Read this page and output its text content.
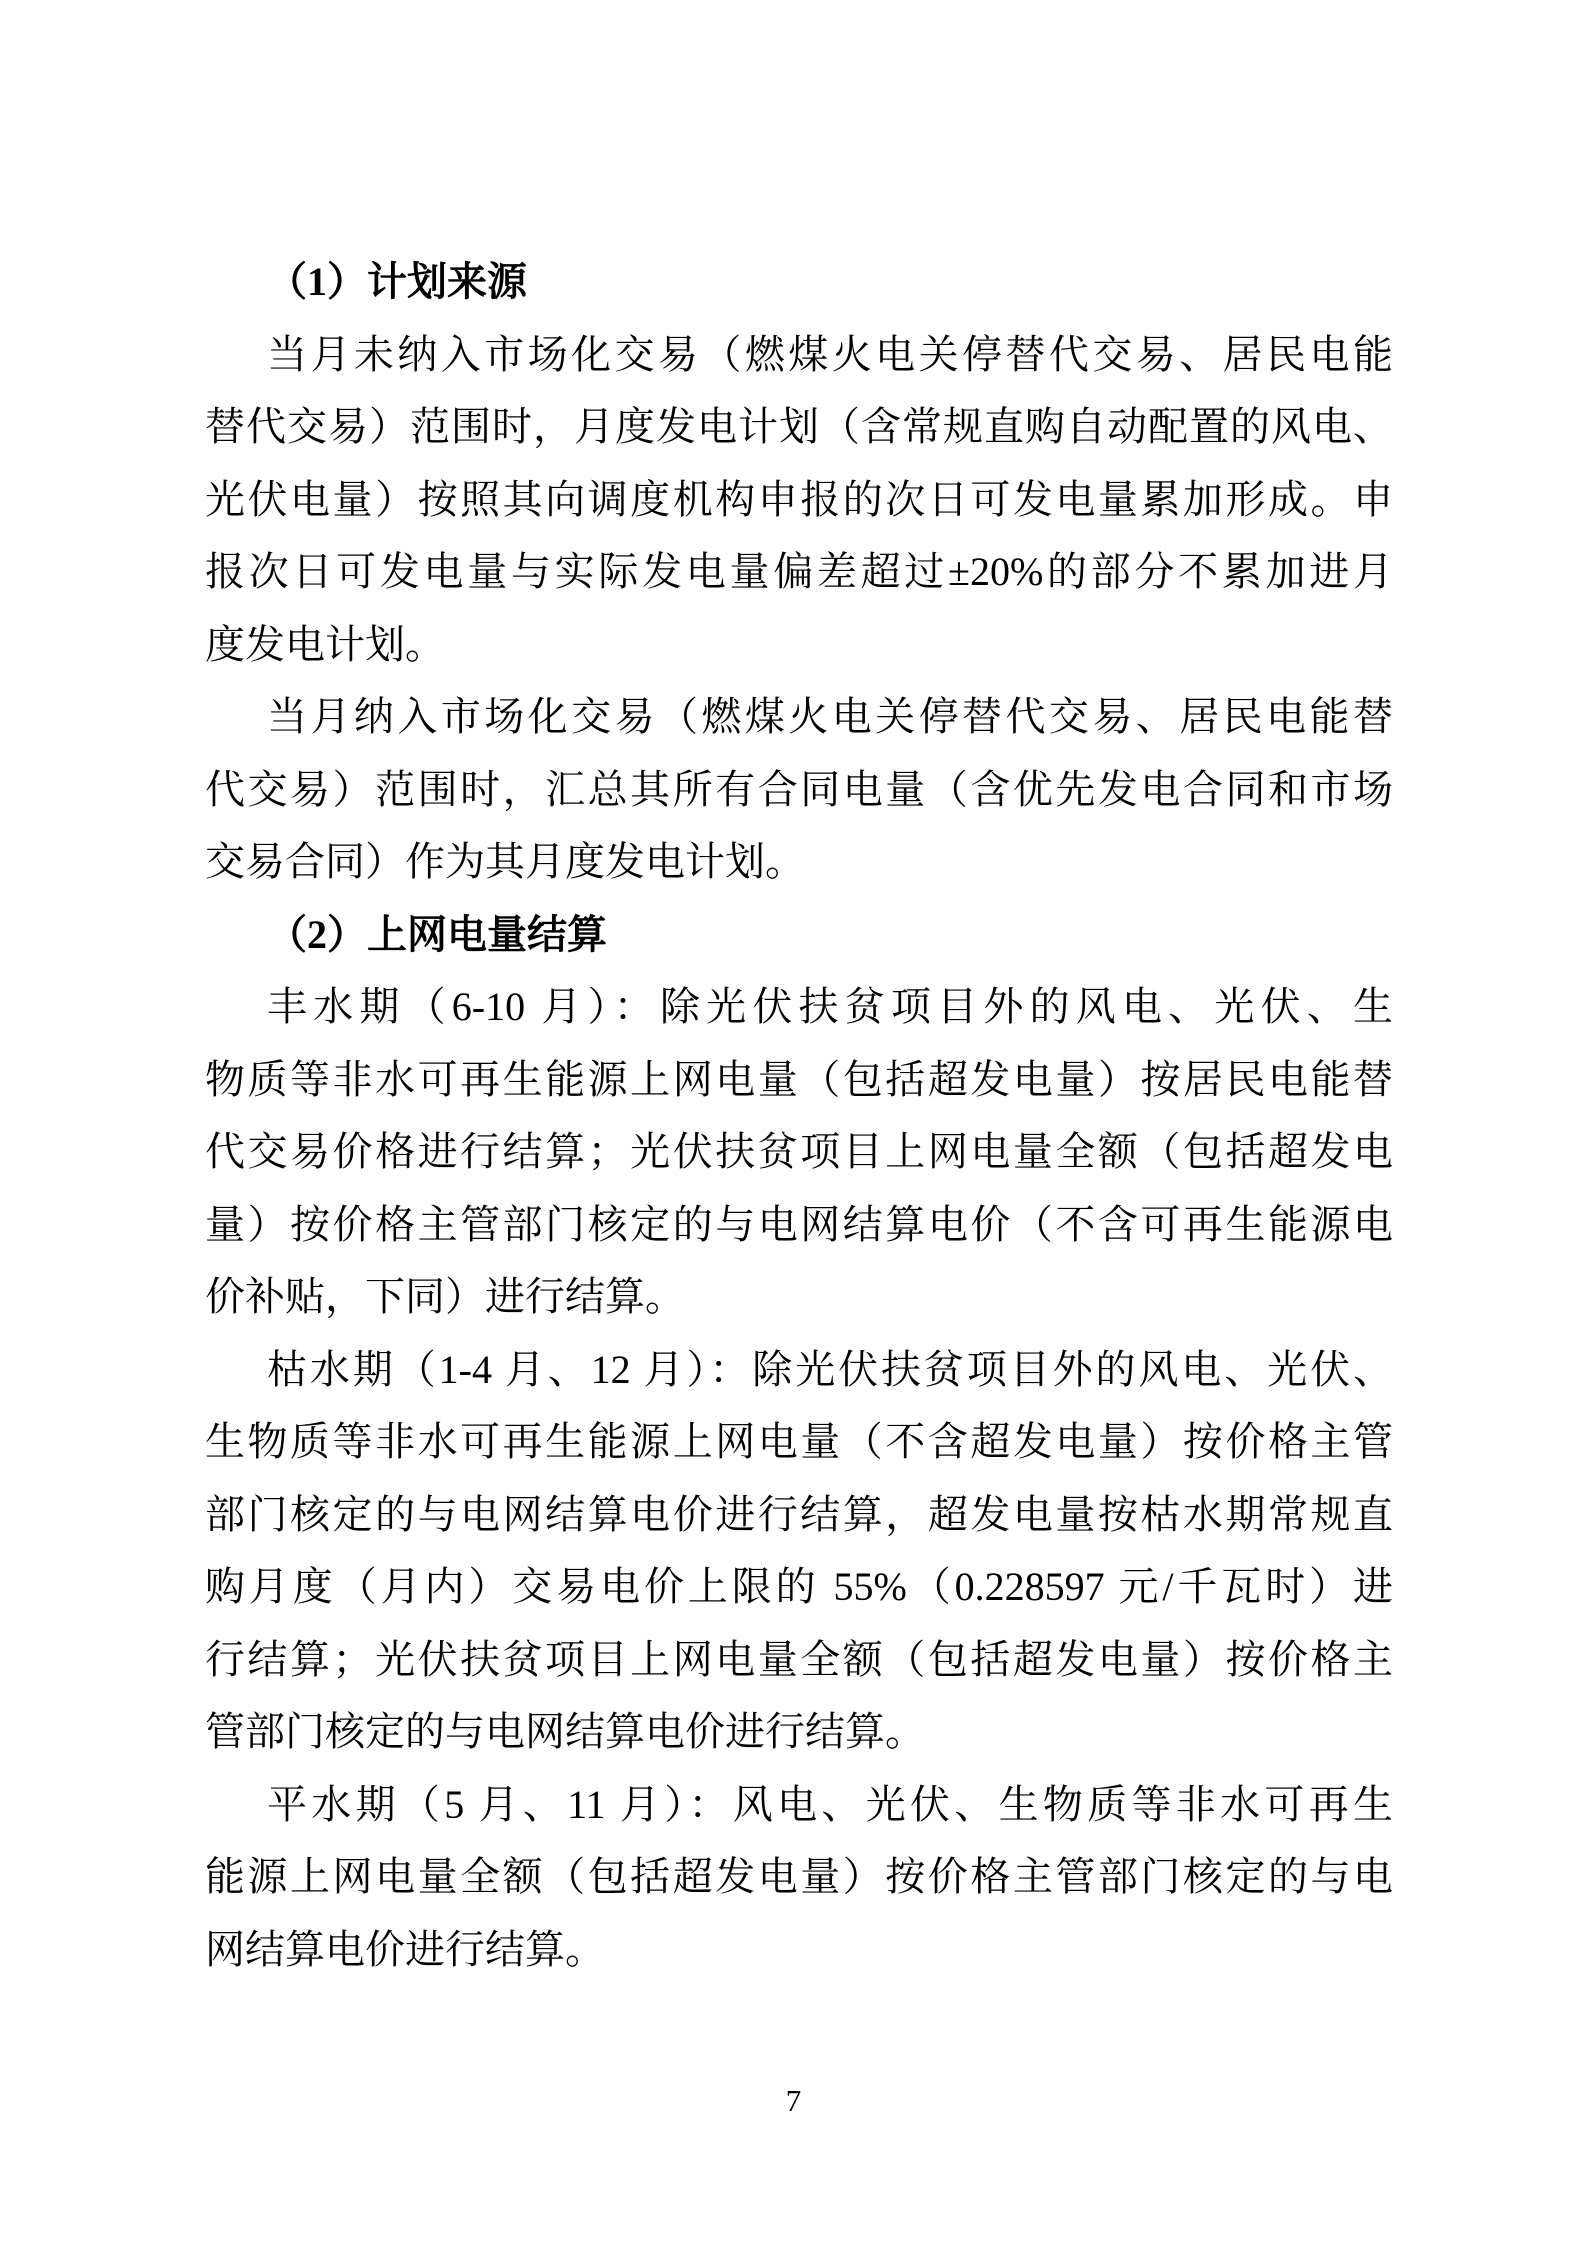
（1）计划来源
当月未纳入市场化交易（燃煤火电关停替代交易、居民电能
替代交易）范围时，月度发电计划（含常规直购自动配置的风电、
光伏电量）按照其向调度机构申报的次日可发电量累加形成。申
报次日可发电量与实际发电量偏差超过±20%的部分不累加进月
度发电计划。
当月纳入市场化交易（燃煤火电关停替代交易、居民电能替
代交易）范围时，汇总其所有合同电量（含优先发电合同和市场
交易合同）作为其月度发电计划。
（2）上网电量结算
丰水期（6-10 月）：除光伏扶贫项目外的风电、光伏、生
物质等非水可再生能源上网电量（包括超发电量）按居民电能替
代交易价格进行结算；光伏扶贫项目上网电量全额（包括超发电
量）按价格主管部门核定的与电网结算电价（不含可再生能源电
价补贴，下同）进行结算。
枯水期（1-4 月、12 月）：除光伏扶贫项目外的风电、光伏、
生物质等非水可再生能源上网电量（不含超发电量）按价格主管
部门核定的与电网结算电价进行结算，超发电量按枯水期常规直
购月度（月内）交易电价上限的 55%（0.228597 元/千瓦时）进
行结算；光伏扶贫项目上网电量全额（包括超发电量）按价格主
管部门核定的与电网结算电价进行结算。
平水期（5 月、11 月）：风电、光伏、生物质等非水可再生
能源上网电量全额（包括超发电量）按价格主管部门核定的与电
网结算电价进行结算。
7
